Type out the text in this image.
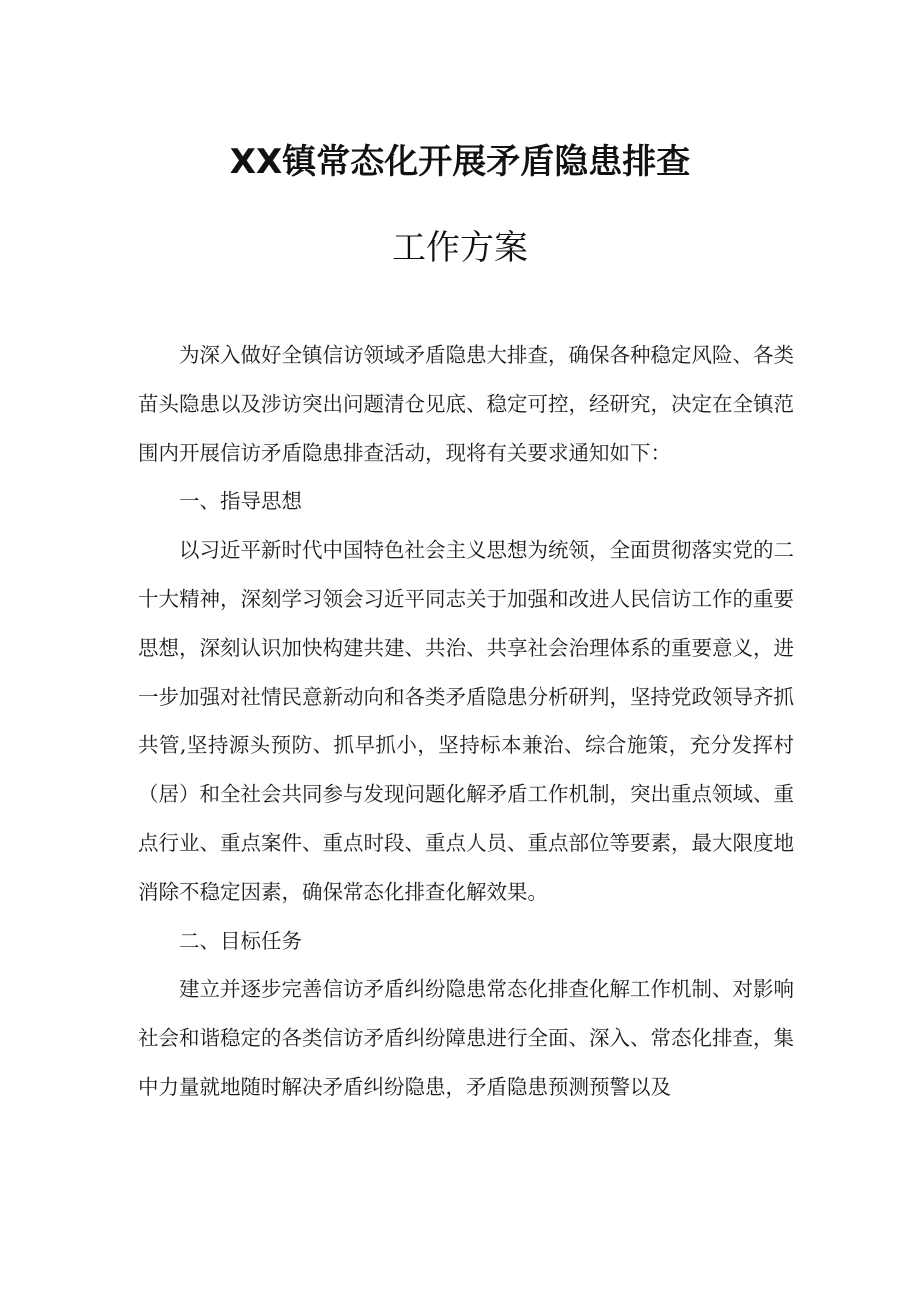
XX镇常态化开展矛盾隐患排查
工作方案

为深入做好全镇信访领域矛盾隐患大排查，确保各种稳定风险、各类苗头隐患以及涉访突出问题清仓见底、稳定可控，经研究，决定在全镇范围内开展信访矛盾隐患排查活动，现将有关要求通知如下：

一、指导思想

以习近平新时代中国特色社会主义思想为统领，全面贯彻落实党的二十大精神，深刻学习领会习近平同志关于加强和改进人民信访工作的重要思想，深刻认识加快构建共建、共治、共享社会治理体系的重要意义，进一步加强对社情民意新动向和各类矛盾隐患分析研判，坚持党政领导齐抓共管,坚持源头预防、抓早抓小，坚持标本兼治、综合施策，充分发挥村（居）和全社会共同参与发现问题化解矛盾工作机制，突出重点领域、重点行业、重点案件、重点时段、重点人员、重点部位等要素，最大限度地消除不稳定因素，确保常态化排查化解效果。

二、目标任务

建立并逐步完善信访矛盾纠纷隐患常态化排查化解工作机制、对影响社会和谐稳定的各类信访矛盾纠纷障患进行全面、深入、常态化排查，集中力量就地随时解决矛盾纠纷隐患，矛盾隐患预测预警以及
